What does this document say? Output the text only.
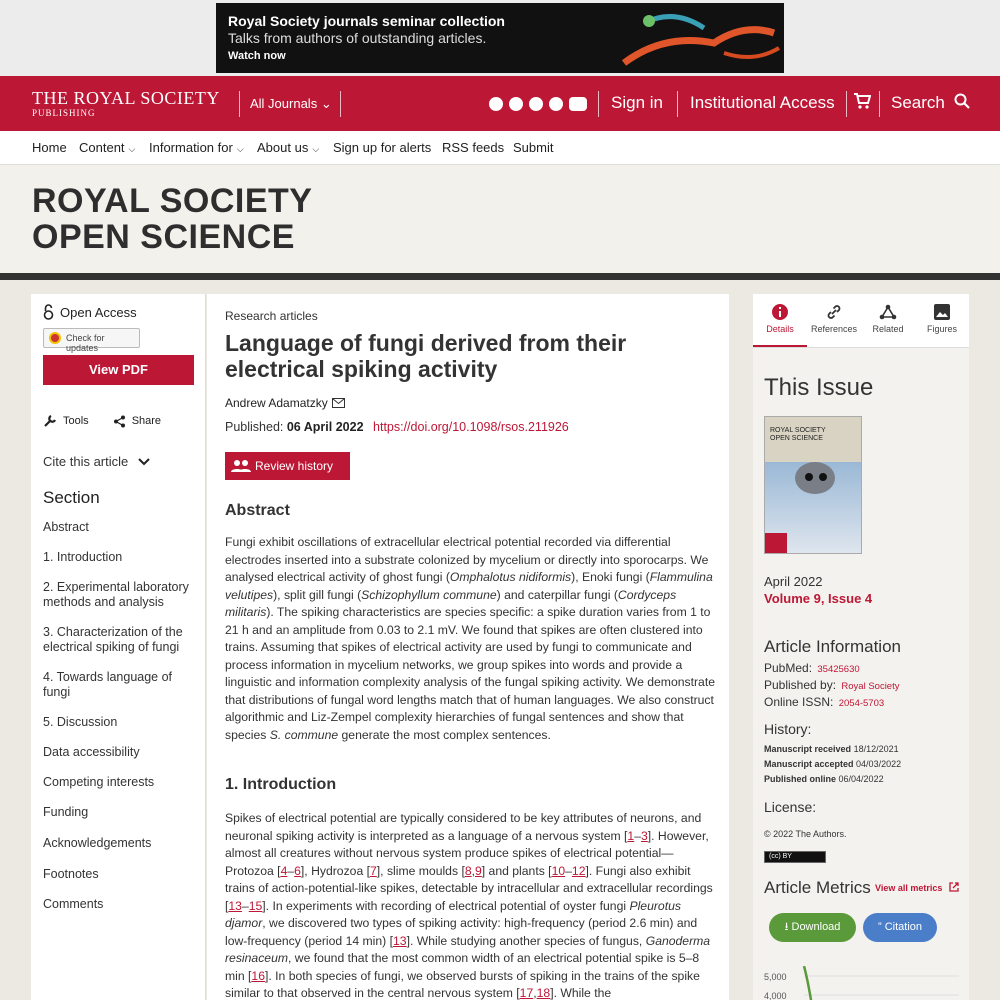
Royal Society journals seminar collection
Talks from authors of outstanding articles.
Watch now
THE ROYAL SOCIETY
PUBLISHING
All Journals ⌄	Sign in Institutional Access	Search
Home Content ⌵ Information for ⌵ About us ⌵ Sign up for alerts RSS feeds Submit
ROYAL SOCIETY
OPEN SCIENCE
Open Access
Check for updates
View PDF
Tools	Share
Cite this article
Section
Abstract
1. Introduction
2. Experimental laboratory methods and analysis
3. Characterization of the electrical spiking of fungi
4. Towards language of fungi
5. Discussion
Data accessibility
Competing interests
Funding
Acknowledgements
Footnotes
Comments
Research articles
Language of fungi derived from their electrical spiking activity
Andrew Adamatzky
Published: 06 April 2022 https://doi.org/10.1098/rsos.211926
Review history
Abstract

Fungi exhibit oscillations of extracellular electrical potential recorded via differential electrodes inserted into a substrate colonized by mycelium or directly into sporocarps. We analysed electrical activity of ghost fungi (Omphalotus nidiformis), Enoki fungi (Flammulina velutipes), split gill fungi (Schizophyllum commune) and caterpillar fungi (Cordyceps militaris). The spiking characteristics are species specific: a spike duration varies from 1 to 21 h and an amplitude from 0.03 to 2.1 mV. We found that spikes are often clustered into trains. Assuming that spikes of electrical activity are used by fungi to communicate and process information in mycelium networks, we group spikes into words and provide a linguistic and information complexity analysis of the fungal spiking activity. We demonstrate that distributions of fungal word lengths match that of human languages. We also construct algorithmic and Liz-Zempel complexity hierarchies of fungal sentences and show that species S. commune generate the most complex sentences.

1. Introduction

Spikes of electrical potential are typically considered to be key attributes of neurons, and neuronal spiking activity is interpreted as a language of a nervous system [1–3]. However, almost all creatures without nervous system produce spikes of electrical potential—Protozoa [4–6], Hydrozoa [7], slime moulds [8,9] and plants [10–12]. Fungi also exhibit trains of action-potential-like spikes, detectable by intracellular and extracellular recordings [13–15]. In experiments with recording of electrical potential of oyster fungi Pleurotus djamor, we discovered two types of spiking activity: high-frequency (period 2.6 min) and low-frequency (period 14 min) [13]. While studying another species of fungus, Ganoderma resinaceum, we found that the most common width of an electrical potential spike is 5–8 min [16]. In both species of fungi, we observed bursts of spiking in the trains of the spike similar to that observed in the central nervous system [17,18]. While the

Details	References	Related	Figures
This Issue
ROYAL SOCIETY
OPEN SCIENCE
April 2022
Volume 9, Issue 4
Article Information
PubMed: 35425630
Published by: Royal Society
Online ISSN: 2054-5703
History:
Manuscript received 18/12/2021
Manuscript accepted 04/03/2022
Published online 06/04/2022
License:
© 2022 The Authors.
(cc) BY
Article Metrics View all metrics
⭳ Download	” Citation
5,000
4,000
